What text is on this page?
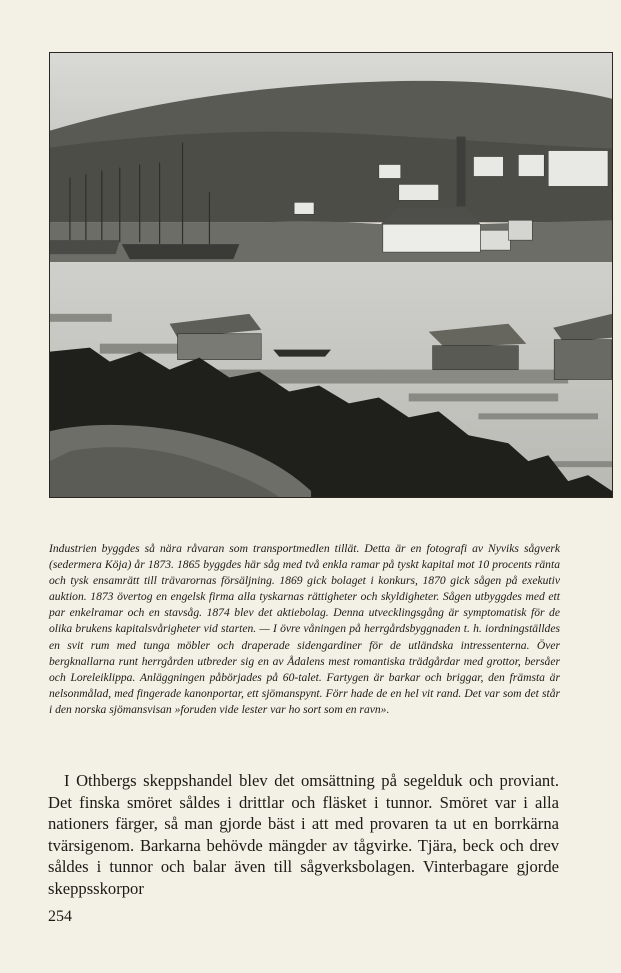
Industrien byggdes så nära råvaran som transportmedlen tillät. Detta är en fotografi av Nyviks sågverk (sedermera Köja) år 1873. 1865 byggdes här såg med två enkla ramar på tyskt kapital mot 10 procents ränta och tysk ensamrätt till trävarornas försäljning. 1869 gick bolaget i konkurs, 1870 gick sågen på exekutiv auktion. 1873 övertog en engelsk firma alla tyskarnas rättigheter och skyldigheter. Sågen utbyggdes med ett par enkelramar och en stavsåg. 1874 blev det aktiebolag. Denna utvecklingsgång är symptomatisk för de olika brukens kapitalsvårigheter vid starten. — I övre våningen på herrgårdsbyggnaden t. h. iordningställdes en svit rum med tunga möbler och draperade sidengardiner för de utländska intressenterna. Över bergknallarna runt herrgården utbreder sig en av Ådalens mest romantiska trädgårdar med grottor, bersåer och Loreleiklippa. Anläggningen påbörjades på 60-talet. Fartygen är barkar och briggar, den främsta är nelsonmålad, med fingerade kanonportar, ett sjömanspynt. Förr hade de en hel vit rand. Det var som det står i den norska sjömansvisan »foruden vide lester var ho sort som en ravn».

I Othbergs skeppshandel blev det omsättning på segelduk och proviant. Det finska smöret såldes i drittlar och fläsket i tunnor. Smöret var i alla nationers färger, så man gjorde bäst i att med provaren ta ut en borrkärna tvärsigenom. Barkarna behövde mängder av tågvirke. Tjära, beck och drev såldes i tunnor och balar även till sågverksbolagen. Vinterbagare gjorde skeppsskorpor

254
